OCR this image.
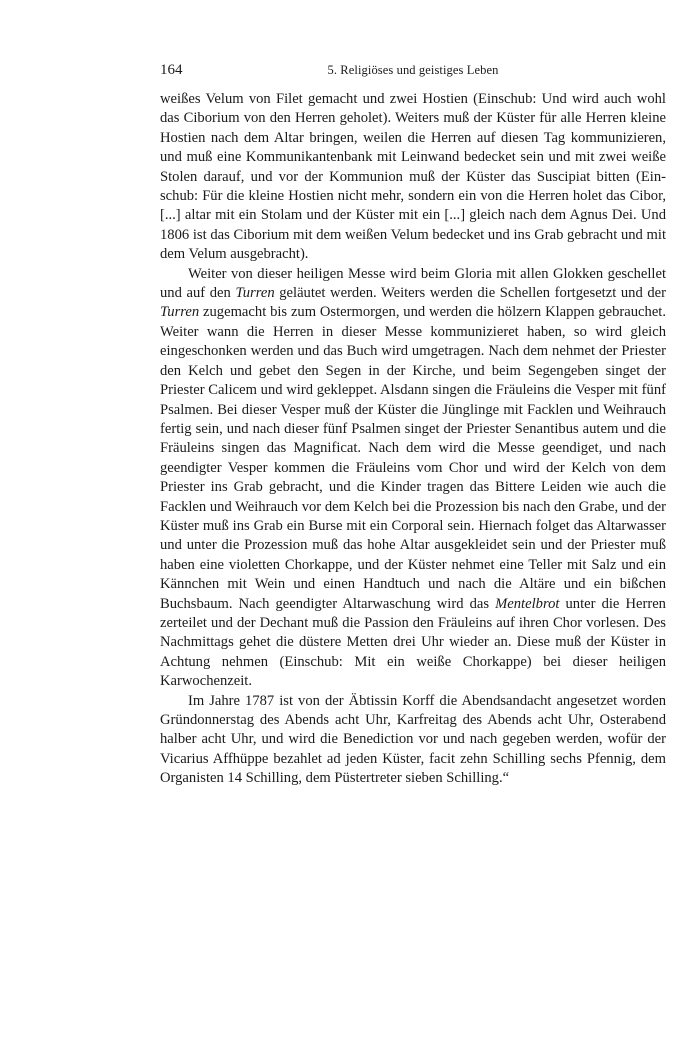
164	5. Religiöses und geistiges Leben

weißes Velum von Filet gemacht und zwei Hostien (Einschub: Und wird auch wohl das Ciborium von den Herren geholet). Weiters muß der Küster für alle Herren kleine Hostien nach dem Altar bringen, weilen die Herren auf diesen Tag kommunizieren, und muß eine Kommunikantenbank mit Leinwand bedecket sein und mit zwei weiße Stolen darauf, und vor der Kommunion muß der Küster das Suscipiat bitten (Einschub: Für die kleine Hostien nicht mehr, sondern ein von die Herren holet das Cibor, [...] altar mit ein Stolam und der Küster mit ein [...] gleich nach dem Agnus Dei. Und 1806 ist das Ciborium mit dem weißen Velum bedecket und ins Grab gebracht und mit dem Velum ausgebracht).

Weiter von dieser heiligen Messe wird beim Gloria mit allen Glokken geschellet und auf den Turren geläutet werden. Weiters werden die Schellen fortgesetzt und der Turren zugemacht bis zum Ostermorgen, und werden die hölzern Klappen gebrauchet. Weiter wann die Herren in dieser Messe kommunizieret haben, so wird gleich eingeschonken werden und das Buch wird umgetragen. Nach dem nehmet der Priester den Kelch und gebet den Segen in der Kirche, und beim Segengeben singet der Priester Calicem und wird gekleppet. Alsdann singen die Fräuleins die Vesper mit fünf Psalmen. Bei dieser Vesper muß der Küster die Jünglinge mit Facklen und Weihrauch fertig sein, und nach dieser fünf Psalmen singet der Priester Senantibus autem und die Fräuleins singen das Magnificat. Nach dem wird die Messe geendiget, und nach geendigter Vesper kommen die Fräuleins vom Chor und wird der Kelch von dem Priester ins Grab gebracht, und die Kinder tragen das Bittere Leiden wie auch die Facklen und Weihrauch vor dem Kelch bei die Prozession bis nach den Grabe, und der Küster muß ins Grab ein Burse mit ein Corporal sein. Hiernach folget das Altarwasser und unter die Prozession muß das hohe Altar ausgekleidet sein und der Priester muß haben eine violetten Chorkappe, und der Küster nehmet eine Teller mit Salz und ein Kännchen mit Wein und einen Handtuch und nach die Altäre und ein bißchen Buchsbaum. Nach geendigter Altarwaschung wird das Mentelbrot unter die Herren zerteilet und der Dechant muß die Passion den Fräuleins auf ihren Chor vorlesen. Des Nachmittags gehet die düstere Metten drei Uhr wieder an. Diese muß der Küster in Achtung nehmen (Einschub: Mit ein weiße Chorkappe) bei dieser heiligen Karwochenzeit.

Im Jahre 1787 ist von der Äbtissin Korff die Abendsandacht angesetzet worden Gründonnerstag des Abends acht Uhr, Karfreitag des Abends acht Uhr, Osterabend halber acht Uhr, und wird die Benediction vor und nach gegeben werden, wofür der Vicarius Affhüppe bezahlet ad jeden Küster, facit zehn Schilling sechs Pfennig, dem Organisten 14 Schilling, dem Püstertreter sieben Schilling.“
